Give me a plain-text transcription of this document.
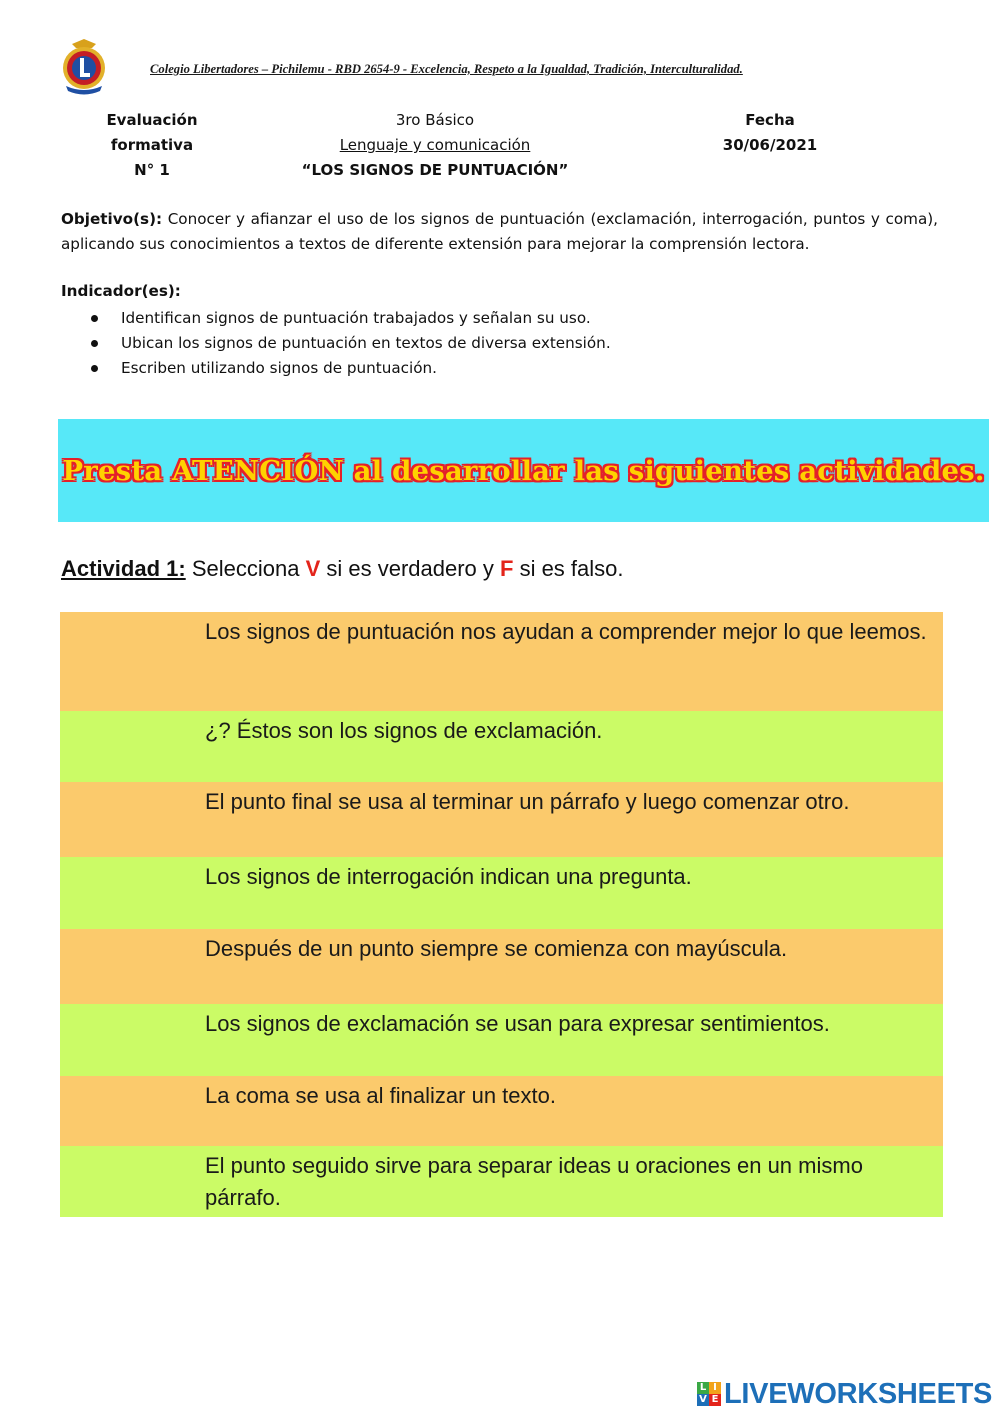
Colegio Libertadores – Pichilemu - RBD 2654-9 - Excelencia, Respeto a la Igualdad, Tradición, Interculturalidad.
Evaluación
formativa
N° 1
3ro Básico
Lenguaje y comunicación
“LOS SIGNOS DE PUNTUACIÓN”
Fecha
30/06/2021
Objetivo(s): Conocer y afianzar el uso de los signos de puntuación (exclamación, interrogación, puntos y coma), aplicando sus conocimientos a textos de diferente extensión para mejorar la comprensión lectora.
Indicador(es):
Identifican signos de puntuación trabajados y señalan su uso.
Ubican los signos de puntuación en textos de diversa extensión.
Escriben utilizando signos de puntuación.
Presta ATENCIÓN al desarrollar las siguientes actividades.
Actividad 1: Selecciona V si es verdadero y F si es falso.
Los signos de puntuación nos ayudan a comprender mejor lo que leemos.
¿? Éstos son los signos de exclamación.
El punto final se usa al terminar un párrafo y luego comenzar otro.
Los signos de interrogación indican una pregunta.
Después de un punto siempre se comienza con mayúscula.
Los signos de exclamación se usan para expresar sentimientos.
La coma se usa al finalizar un texto.
El punto seguido sirve para separar ideas u oraciones en un mismo párrafo.
L I
V E LIVEWORKSHEETS
